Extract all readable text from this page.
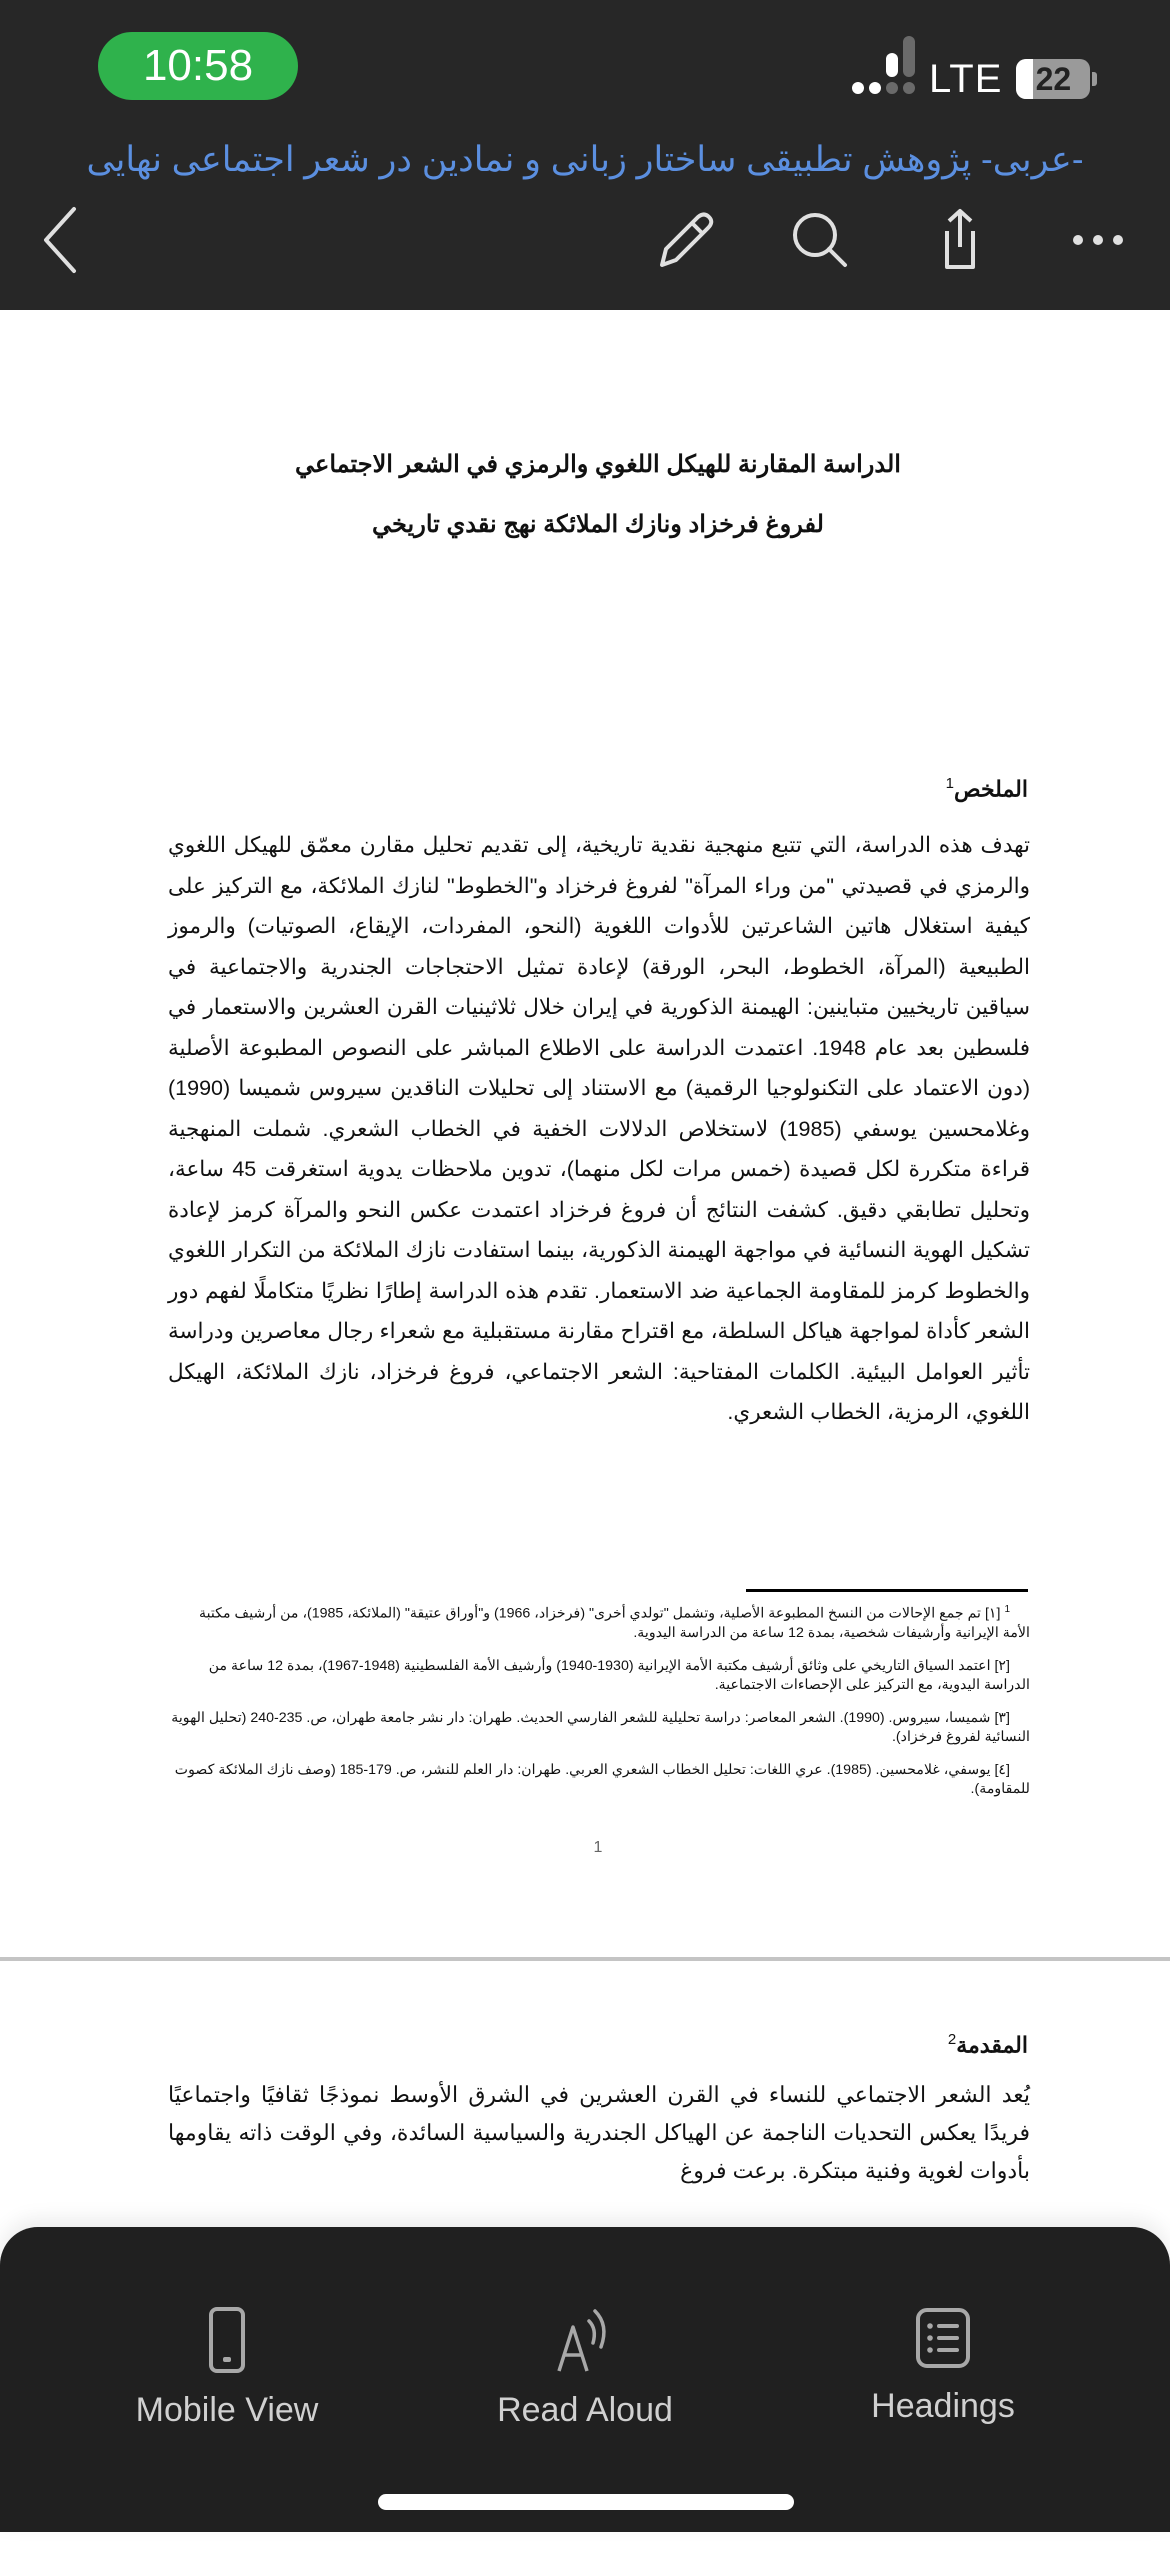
10:58	LTE	22
-عربی- پژوهش تطبیقی ساختار زبانی و نمادین در شعر اجتماعی نهایی
الدراسة المقارنة للهيكل اللغوي والرمزي في الشعر الاجتماعي
لفروغ فرخزاد ونازك الملائكة نهج نقدي تاريخي
الملخص$^1$
تهدف هذه الدراسة، التي تتبع منهجية نقدية تاريخية، إلى تقديم تحليل مقارن معمّق للهيكل اللغوي والرمزي في قصيدتي "من وراء المرآة" لفروغ فرخزاد و"الخطوط" لنازك الملائكة، مع التركيز على كيفية استغلال هاتين الشاعرتين للأدوات اللغوية (النحو، المفردات، الإيقاع، الصوتيات) والرموز الطبيعية (المرآة، الخطوط، البحر، الورقة) لإعادة تمثيل الاحتجاجات الجندرية والاجتماعية في سياقين تاريخيين متباينين: الهيمنة الذكورية في إيران خلال ثلاثينيات القرن العشرين والاستعمار في فلسطين بعد عام 1948. اعتمدت الدراسة على الاطلاع المباشر على النصوص المطبوعة الأصلية (دون الاعتماد على التكنولوجيا الرقمية) مع الاستناد إلى تحليلات الناقدين سيروس شميسا (1990) وغلامحسين يوسفي (1985) لاستخلاص الدلالات الخفية في الخطاب الشعري. شملت المنهجية قراءة متكررة لكل قصيدة (خمس مرات لكل منهما)، تدوين ملاحظات يدوية استغرقت 45 ساعة، وتحليل تطابقي دقيق. كشفت النتائج أن فروغ فرخزاد اعتمدت عكس النحو والمرآة كرمز لإعادة تشكيل الهوية النسائية في مواجهة الهيمنة الذكورية، بينما استفادت نازك الملائكة من التكرار اللغوي والخطوط كرمز للمقاومة الجماعية ضد الاستعمار. تقدم هذه الدراسة إطارًا نظريًا متكاملًا لفهم دور الشعر كأداة لمواجهة هياكل السلطة، مع اقتراح مقارنة مستقبلية مع شعراء رجال معاصرين ودراسة تأثير العوامل البيئية. الكلمات المفتاحية: الشعر الاجتماعي، فروغ فرخزاد، نازك الملائكة، الهيكل اللغوي، الرمزية، الخطاب الشعري.

$^1$ [١] تم جمع الإحالات من النسخ المطبوعة الأصلية، وتشمل "تولدي أخرى" (فرخزاد، 1966) و"أوراق عتيقة" (الملائكة، 1985)، من أرشيف مكتبة الأمة الإيرانية وأرشيفات شخصية، بمدة 12 ساعة من الدراسة اليدوية.

[٢] اعتمد السياق التاريخي على وثائق أرشيف مكتبة الأمة الإيرانية (1930-1940) وأرشيف الأمة الفلسطينية (1948-1967)، بمدة 12 ساعة من الدراسة اليدوية، مع التركيز على الإحصاءات الاجتماعية.

[٣] شميسا، سيروس. (1990). الشعر المعاصر: دراسة تحليلية للشعر الفارسي الحديث. طهران: دار نشر جامعة طهران، ص. 235-240 (تحليل الهوية النسائية لفروغ فرخزاد).

[٤] يوسفي، غلامحسين. (1985). عري اللغات: تحليل الخطاب الشعري العربي. طهران: دار العلم للنشر، ص. 179-185 (وصف نازك الملائكة كصوت للمقاومة).

1
المقدمة$^2$
يُعد الشعر الاجتماعي للنساء في القرن العشرين في الشرق الأوسط نموذجًا ثقافيًا واجتماعيًا فريدًا يعكس التحديات الناجمة عن الهياكل الجندرية والسياسية السائدة، وفي الوقت ذاته يقاومها بأدوات لغوية وفنية مبتكرة. برعت فروغ
Mobile View	Read Aloud	Headings
